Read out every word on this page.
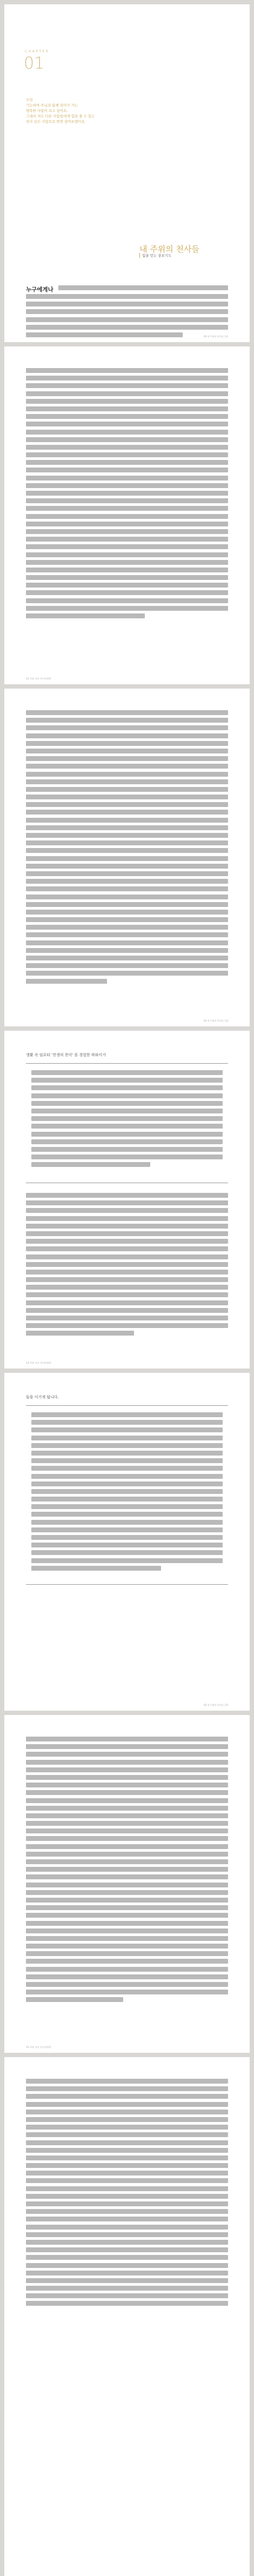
CHAPTER
01
무엇
기도하며 주님과 함께 걸어가 거는
행복한 사람이 되고 싶어요.
그래서 저도 다른 사람들에게 힘을 줄 수 있는
천사 같은 사람으로 한번 살아보겠어요.
내 주위의 천사들
힘을 얻는 중보기도
누구에게나
02 내 주위의 천사들 | 11
12 천상 속의 천사들에게
02 내 주위의 천사들 | 13
생활 속 임요타 '천생의 찬미' 를 경험한 하와이가
14 천상 속의 천사들에게
들을 이기게 됩니다.
02 내 주위의 천사들 | 15
16 천상 속의 천사들에게
